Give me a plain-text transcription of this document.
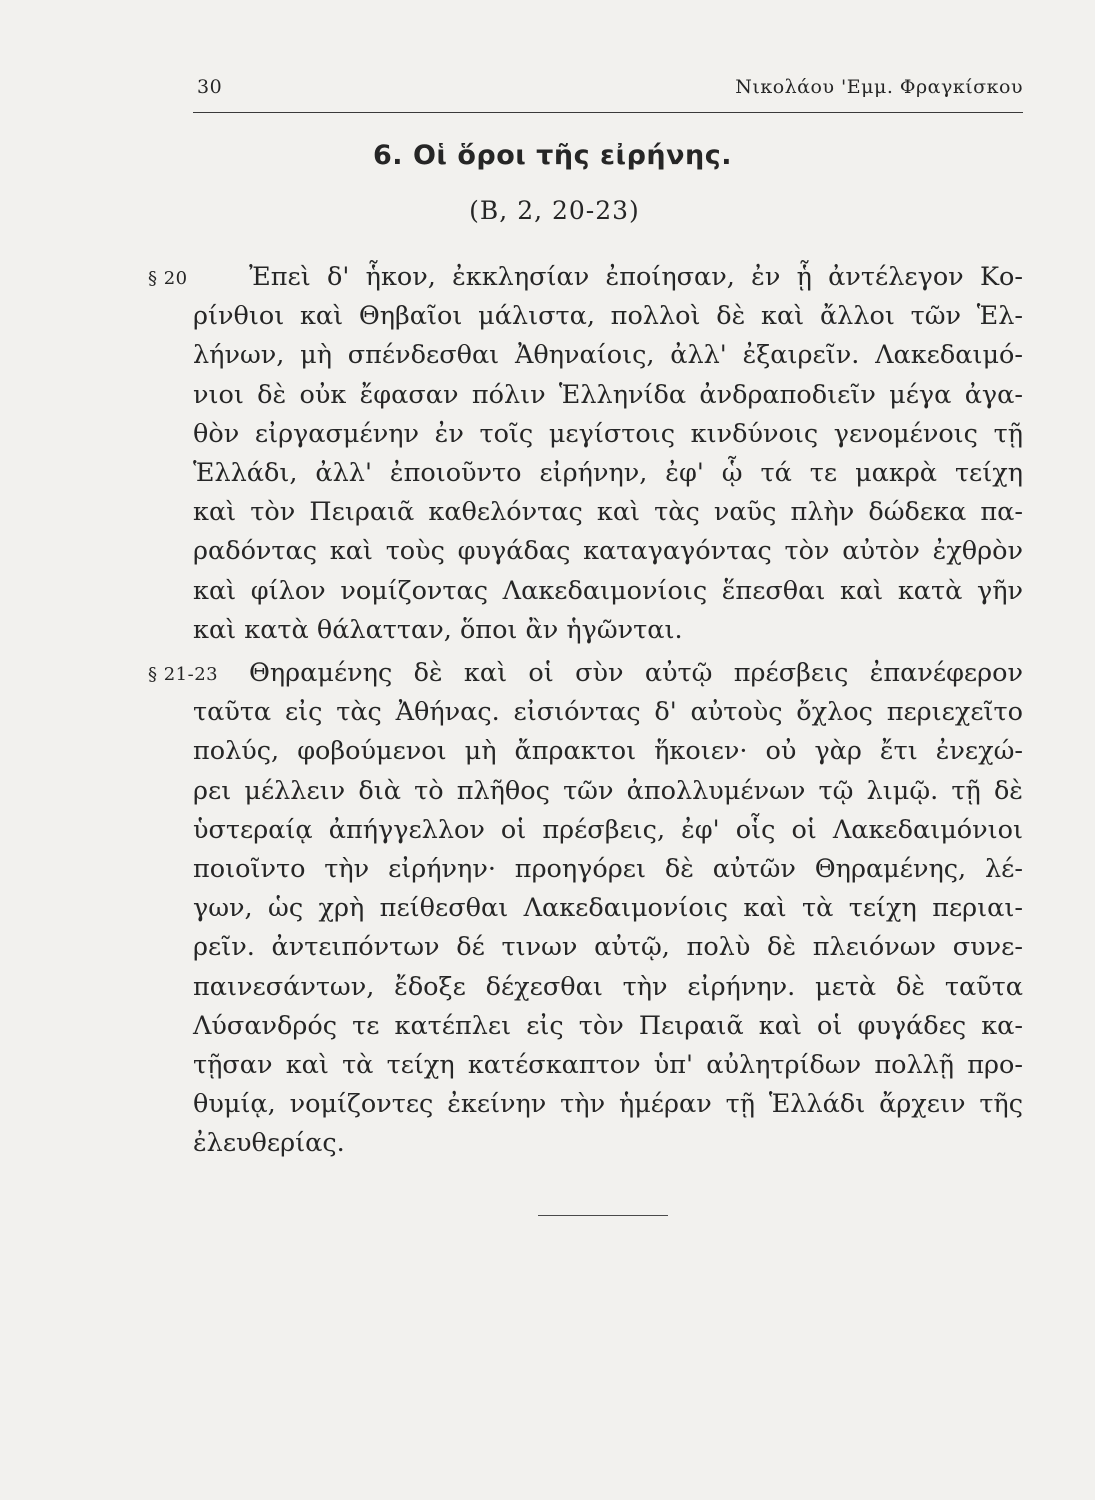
30	Νικολάου 'Εμμ. Φραγκίσκου
6. Οἱ ὅροι τῆς εἰρήνης.
(Β, 2, 20-23)
§ 20	Ἐπεὶ δ' ἧκον, ἐκκλησίαν ἐποίησαν, ἐν ᾗ ἀντέλεγον Κο-
ρίνθιοι καὶ Θηβαῖοι μάλιστα, πολλοὶ δὲ καὶ ἄλλοι τῶν Ἑλ-
λήνων, μὴ σπένδεσθαι Ἀθηναίοις, ἀλλ' ἐξαιρεῖν. Λακεδαιμό-
νιοι δὲ οὐκ ἔφασαν πόλιν Ἑλληνίδα ἀνδραποδιεῖν μέγα ἀγα-
θὸν εἰργασμένην ἐν τοῖς μεγίστοις κινδύνοις γενομένοις τῇ
Ἑλλάδι, ἀλλ' ἐποιοῦντο εἰρήνην, ἐφ' ᾧ τά τε μακρὰ τείχη
καὶ τὸν Πειραιᾶ καθελόντας καὶ τὰς ναῦς πλὴν δώδεκα πα-
ραδόντας καὶ τοὺς φυγάδας καταγαγόντας τὸν αὐτὸν ἐχθρὸν
καὶ φίλον νομίζοντας Λακεδαιμονίοις ἕπεσθαι καὶ κατὰ γῆν
καὶ κατὰ θάλατταν, ὅποι ἂν ἡγῶνται.
§ 21-23	Θηραμένης δὲ καὶ οἱ σὺν αὐτῷ πρέσβεις ἐπανέφερον
ταῦτα εἰς τὰς Ἀθήνας. εἰσιόντας δ' αὐτοὺς ὄχλος περιεχεῖτο
πολύς, φοβούμενοι μὴ ἄπρακτοι ἥκοιεν· οὐ γὰρ ἔτι ἐνεχώ-
ρει μέλλειν διὰ τὸ πλῆθος τῶν ἀπολλυμένων τῷ λιμῷ. τῇ δὲ
ὑστεραίᾳ ἀπήγγελλον οἱ πρέσβεις, ἐφ' οἷς οἱ Λακεδαιμόνιοι
ποιοῖντο τὴν εἰρήνην· προηγόρει δὲ αὐτῶν Θηραμένης, λέ-
γων, ὡς χρὴ πείθεσθαι Λακεδαιμονίοις καὶ τὰ τείχη περιαι-
ρεῖν. ἀντειπόντων δέ τινων αὐτῷ, πολὺ δὲ πλειόνων συνε-
παινεσάντων, ἔδοξε δέχεσθαι τὴν εἰρήνην. μετὰ δὲ ταῦτα
Λύσανδρός τε κατέπλει εἰς τὸν Πειραιᾶ καὶ οἱ φυγάδες κα-
τῇσαν καὶ τὰ τείχη κατέσκαπτον ὑπ' αὐλητρίδων πολλῇ προ-
θυμίᾳ, νομίζοντες ἐκείνην τὴν ἡμέραν τῇ Ἑλλάδι ἄρχειν τῆς
ἐλευθερίας.
